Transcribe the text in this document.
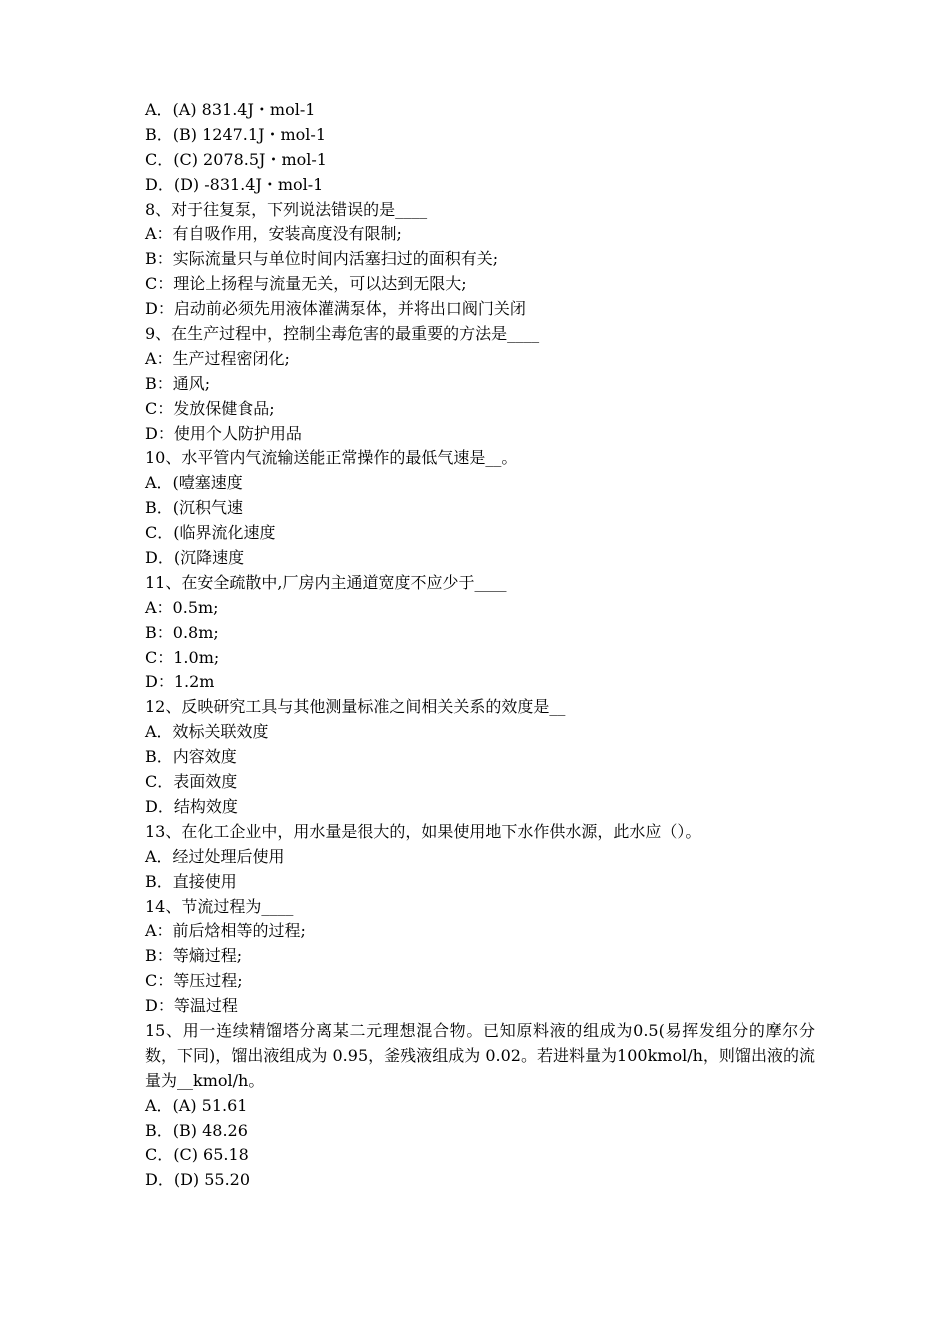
A．(A) 831.4J・mol-1
B．(B) 1247.1J・mol-1
C．(C) 2078.5J・mol-1
D．(D) -831.4J・mol-1
8、对于往复泵，下列说法错误的是____
A：有自吸作用，安装高度没有限制;
B：实际流量只与单位时间内活塞扫过的面积有关;
C：理论上扬程与流量无关，可以达到无限大;
D：启动前必须先用液体灌满泵体，并将出口阀门关闭
9、在生产过程中，控制尘毒危害的最重要的方法是____
A：生产过程密闭化;
B：通风;
C：发放保健食品;
D：使用个人防护用品
10、水平管内气流输送能正常操作的最低气速是__。
A．(噎塞速度
B．(沉积气速
C．(临界流化速度
D．(沉降速度
11、在安全疏散中,厂房内主通道宽度不应少于____
A：0.5m;
B：0.8m;
C：1.0m;
D：1.2m
12、反映研究工具与其他测量标准之间相关关系的效度是__
A．效标关联效度
B．内容效度
C．表面效度
D．结构效度
13、在化工企业中，用水量是很大的，如果使用地下水作供水源，此水应（）。
A．经过处理后使用
B．直接使用
14、节流过程为____
A：前后焓相等的过程;
B：等熵过程;
C：等压过程;
D：等温过程
15、用一连续精馏塔分离某二元理想混合物。已知原料液的组成为0.5(易挥发组分的摩尔分数，下同)，馏出液组成为 0.95，釜残液组成为 0.02。若进料量为100kmol/h，则馏出液的流量为__kmol/h。
A．(A) 51.61
B．(B) 48.26
C．(C) 65.18
D．(D) 55.20
